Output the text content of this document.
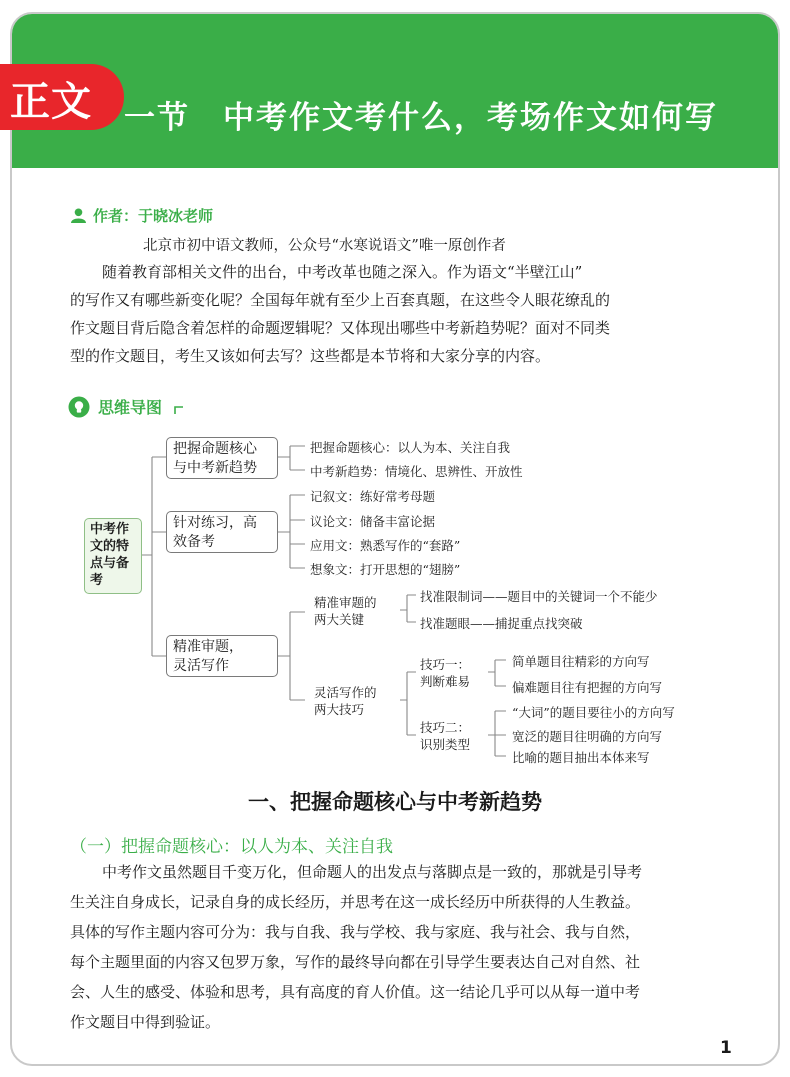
一节　中考作文考什么，考场作文如何写
正文
作者：于晓冰老师
北京市初中语文教师，公众号“水寒说语文”唯一原创作者
随着教育部相关文件的出台，中考改革也随之深入。作为语文“半壁江山”
的写作又有哪些新变化呢？全国每年就有至少上百套真题，在这些令人眼花缭乱的
作文题目背后隐含着怎样的命题逻辑呢？又体现出哪些中考新趋势呢？面对不同类
型的作文题目，考生又该如何去写？这些都是本节将和大家分享的内容。
思维导图
中考作
文的特
点与备
考
把握命题核心
与中考新趋势
针对练习，高
效备考
精准审题，
灵活写作
把握命题核心：以人为本、关注自我
中考新趋势：情境化、思辨性、开放性
记叙文：练好常考母题
议论文：储备丰富论据
应用文：熟悉写作的“套路”
想象文：打开思想的“翅膀”
精准审题的
两大关键
找准限制词——题目中的关键词一个不能少
找准题眼——捕捉重点找突破
灵活写作的
两大技巧
技巧一：
判断难易
简单题目往精彩的方向写
偏难题目往有把握的方向写
技巧二：
识别类型
“大词”的题目要往小的方向写
宽泛的题目往明确的方向写
比喻的题目抽出本体来写
一、把握命题核心与中考新趋势
（一）把握命题核心：以人为本、关注自我
中考作文虽然题目千变万化，但命题人的出发点与落脚点是一致的，那就是引导考
生关注自身成长，记录自身的成长经历，并思考在这一成长经历中所获得的人生教益。
具体的写作主题内容可分为：我与自我、我与学校、我与家庭、我与社会、我与自然，
每个主题里面的内容又包罗万象，写作的最终导向都在引导学生要表达自己对自然、社
会、人生的感受、体验和思考，具有高度的育人价值。这一结论几乎可以从每一道中考
作文题目中得到验证。
1
